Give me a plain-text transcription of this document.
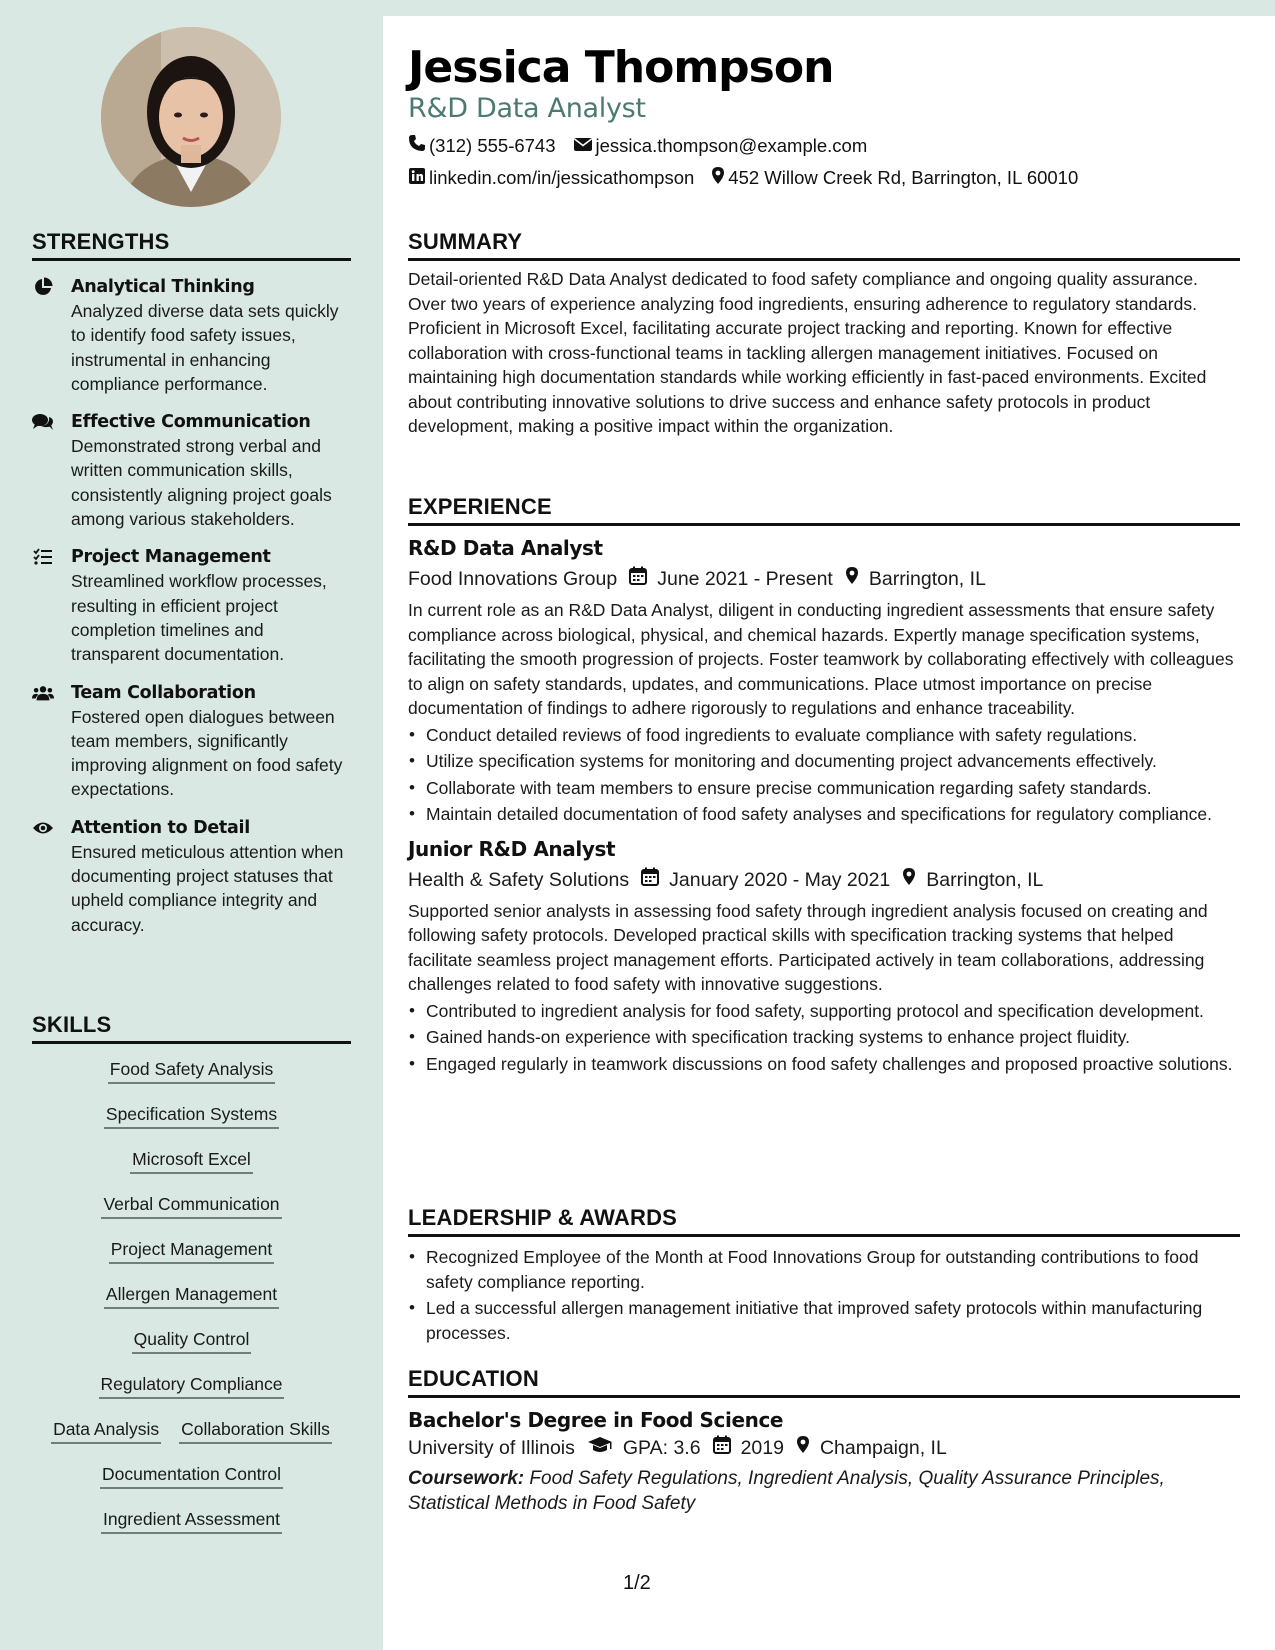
STRENGTHS
Analytical Thinking
Analyzed diverse data sets quickly to identify food safety issues, instrumental in enhancing compliance performance.
Effective Communication
Demonstrated strong verbal and written communication skills, consistently aligning project goals among various stakeholders.
Project Management
Streamlined workflow processes, resulting in efficient project completion timelines and transparent documentation.
Team Collaboration
Fostered open dialogues between team members, significantly improving alignment on food safety expectations.
Attention to Detail
Ensured meticulous attention when documenting project statuses that upheld compliance integrity and accuracy.
SKILLS
Food Safety Analysis
Specification Systems
Microsoft Excel
Verbal Communication
Project Management
Allergen Management
Quality Control
Regulatory Compliance
Data Analysis Collaboration Skills
Documentation Control
Ingredient Assessment
Jessica Thompson
R&D Data Analyst
(312) 555-6743 jessica.thompson@example.com
linkedin.com/in/jessicathompson 452 Willow Creek Rd, Barrington, IL 60010
SUMMARY
Detail-oriented R&D Data Analyst dedicated to food safety compliance and ongoing quality assurance. Over two years of experience analyzing food ingredients, ensuring adherence to regulatory standards. Proficient in Microsoft Excel, facilitating accurate project tracking and reporting. Known for effective collaboration with cross-functional teams in tackling allergen management initiatives. Focused on maintaining high documentation standards while working efficiently in fast-paced environments. Excited about contributing innovative solutions to drive success and enhance safety protocols in product development, making a positive impact within the organization.
EXPERIENCE
R&D Data Analyst
Food Innovations Group June 2021 - Present Barrington, IL
In current role as an R&D Data Analyst, diligent in conducting ingredient assessments that ensure safety compliance across biological, physical, and chemical hazards. Expertly manage specification systems, facilitating the smooth progression of projects. Foster teamwork by collaborating effectively with colleagues to align on safety standards, updates, and communications. Place utmost importance on precise documentation of findings to adhere rigorously to regulations and enhance traceability.
• Conduct detailed reviews of food ingredients to evaluate compliance with safety regulations.
• Utilize specification systems for monitoring and documenting project advancements effectively.
• Collaborate with team members to ensure precise communication regarding safety standards.
• Maintain detailed documentation of food safety analyses and specifications for regulatory compliance.
Junior R&D Analyst
Health & Safety Solutions January 2020 - May 2021 Barrington, IL
Supported senior analysts in assessing food safety through ingredient analysis focused on creating and following safety protocols. Developed practical skills with specification tracking systems that helped facilitate seamless project management efforts. Participated actively in team collaborations, addressing challenges related to food safety with innovative suggestions.
• Contributed to ingredient analysis for food safety, supporting protocol and specification development.
• Gained hands-on experience with specification tracking systems to enhance project fluidity.
• Engaged regularly in teamwork discussions on food safety challenges and proposed proactive solutions.
LEADERSHIP & AWARDS
• Recognized Employee of the Month at Food Innovations Group for outstanding contributions to food safety compliance reporting.
• Led a successful allergen management initiative that improved safety protocols within manufacturing processes.
EDUCATION
Bachelor's Degree in Food Science
University of Illinois GPA: 3.6 2019 Champaign, IL
Coursework: Food Safety Regulations, Ingredient Analysis, Quality Assurance Principles, Statistical Methods in Food Safety
1/2
